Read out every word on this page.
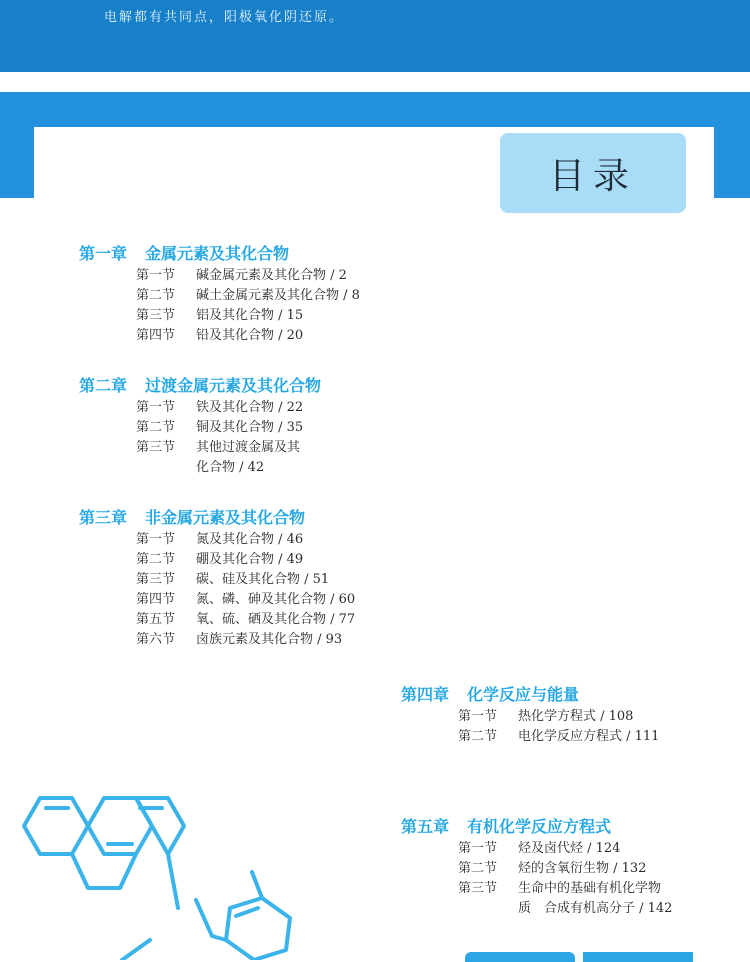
电解都有共同点，阳极氧化阴还原。
目录
第一章 金属元素及其化合物
第一节	碱金属元素及其化合物 / 2
第二节	碱土金属元素及其化合物 / 8
第三节	铝及其化合物 / 15
第四节	铅及其化合物 / 20
第二章 过渡金属元素及其化合物
第一节	铁及其化合物 / 22
第二节	铜及其化合物 / 35
第三节	其他过渡金属及其
化合物 / 42
第三章 非金属元素及其化合物
第一节	氮及其化合物 / 46
第二节	硼及其化合物 / 49
第三节	碳、硅及其化合物 / 51
第四节	氮、磷、砷及其化合物 / 60
第五节	氧、硫、硒及其化合物 / 77
第六节	卤族元素及其化合物 / 93
第四章 化学反应与能量
第一节	热化学方程式 / 108
第二节	电化学反应方程式 / 111
第五章 有机化学反应方程式
第一节	烃及卤代烃 / 124
第二节	烃的含氧衍生物 / 132
第三节	生命中的基础有机化学物
质　合成有机高分子 / 142
